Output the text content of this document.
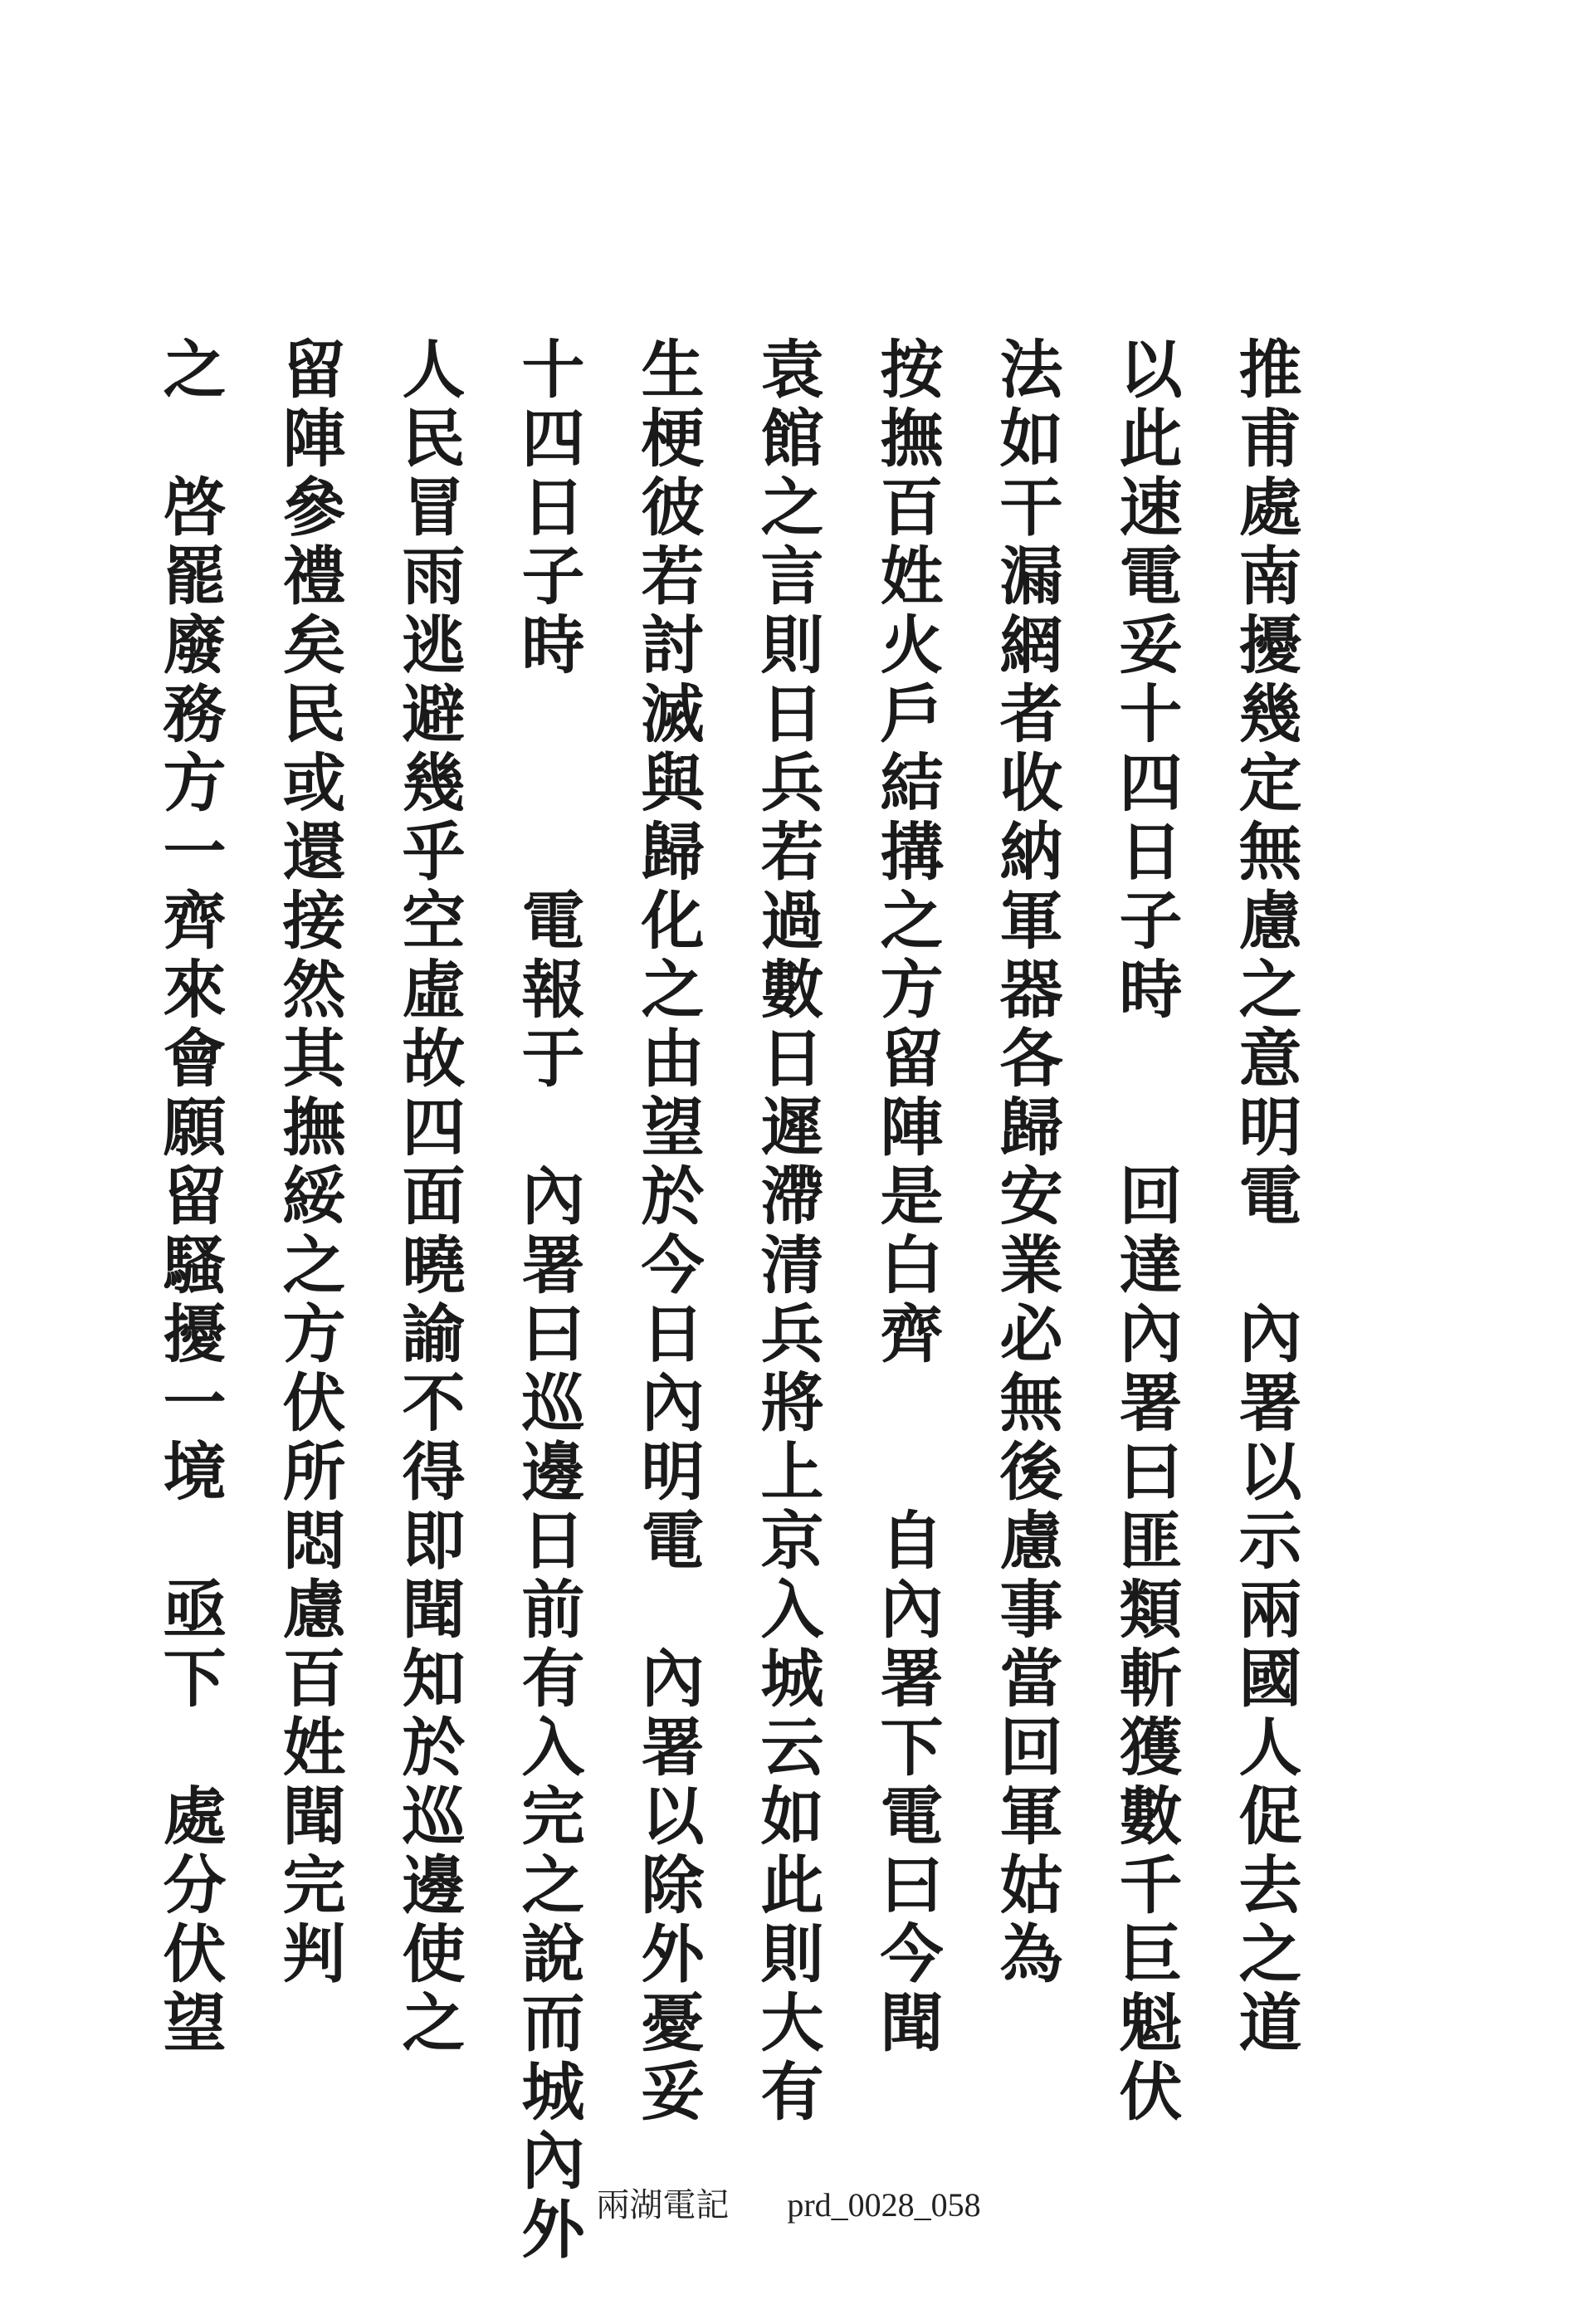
推甫處南擾幾定無慮之意明電　內署以示兩國人促去之道
以此速電妥十四日子時　　回達內署曰匪類斬獲數千巨魁伏
法如干漏網者收納軍器各歸安業必無後慮事當回軍姑為
按撫百姓火戶結搆之方留陣是白齊　　自內署下電曰今聞
袁館之言則日兵若過數日遲滯清兵將上京入城云如此則大有
生梗彼若討滅與歸化之由望於今日內明電　內署以除外憂妥
十四日子時　　　電報于　內署曰巡邊日前有入完之說而城內外
人民冒雨逃避幾乎空虛故四面曉諭不得即聞知於巡邊使之
留陣參禮矣民或還接然其撫綏之方伏所悶慮百姓聞完判
之　啓罷廢務方一齊來會願留騷擾一境　亟下　處分伏望
兩湖電記 prd_0028_058
